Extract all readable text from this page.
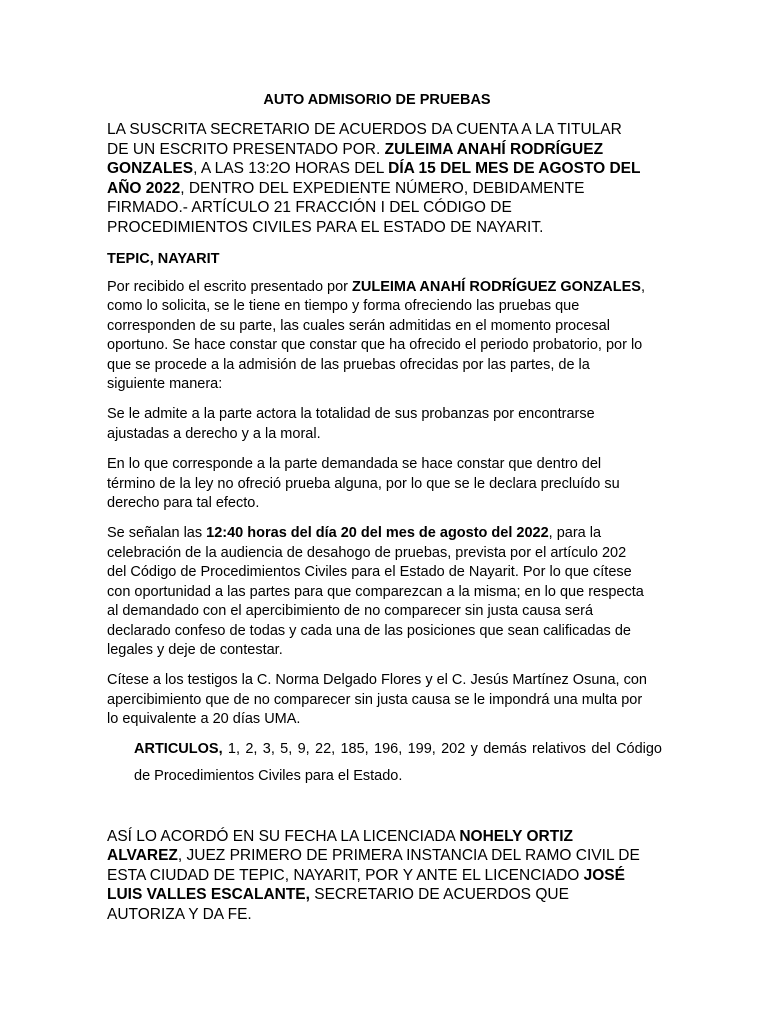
AUTO ADMISORIO DE PRUEBAS

LA SUSCRITA SECRETARIO DE ACUERDOS DA CUENTA A LA TITULAR DE UN ESCRITO PRESENTADO POR. ZULEIMA ANAHÍ RODRÍGUEZ GONZALES, A LAS 13:2O HORAS DEL DÍA 15 DEL MES DE AGOSTO DEL AÑO 2022, DENTRO DEL EXPEDIENTE NÚMERO, DEBIDAMENTE FIRMADO.- ARTÍCULO 21 FRACCIÓN I DEL CÓDIGO DE PROCEDIMIENTOS CIVILES PARA EL ESTADO DE NAYARIT.

TEPIC, NAYARIT

Por recibido el escrito presentado por ZULEIMA ANAHÍ RODRÍGUEZ GONZALES, como lo solicita, se le tiene en tiempo y forma ofreciendo las pruebas que corresponden de su parte, las cuales serán admitidas en el momento procesal oportuno. Se hace constar que constar que ha ofrecido el periodo probatorio, por lo que se procede a la admisión de las pruebas ofrecidas por las partes, de la siguiente manera:

Se le admite a la parte actora la totalidad de sus probanzas por encontrarse ajustadas a derecho y a la moral.

En lo que corresponde a la parte demandada se hace constar que dentro del término de la ley no ofreció prueba alguna, por lo que se le declara precluído su derecho para tal efecto.

Se señalan las 12:40 horas del día 20 del mes de agosto del 2022, para la celebración de la audiencia de desahogo de pruebas, prevista por el artículo 202 del Código de Procedimientos Civiles para el Estado de Nayarit. Por lo que cítese con oportunidad a las partes para que comparezcan a la misma; en lo que respecta al demandado con el apercibimiento de no comparecer sin justa causa será declarado confeso de todas y cada una de las posiciones que sean calificadas de legales y deje de contestar.

Cítese a los testigos la C. Norma Delgado Flores y el C. Jesús Martínez Osuna, con apercibimiento que de no comparecer sin justa causa se le impondrá una multa por lo equivalente a 20 días UMA.

ARTICULOS, 1, 2, 3, 5, 9, 22, 185, 196, 199, 202 y demás relativos del Código de Procedimientos Civiles para el Estado.

ASÍ LO ACORDÓ EN SU FECHA LA LICENCIADA NOHELY ORTIZ ALVAREZ, JUEZ PRIMERO DE PRIMERA INSTANCIA DEL RAMO CIVIL DE ESTA CIUDAD DE TEPIC, NAYARIT, POR Y ANTE EL LICENCIADO JOSÉ LUIS VALLES ESCALANTE, SECRETARIO DE ACUERDOS QUE AUTORIZA Y DA FE.
